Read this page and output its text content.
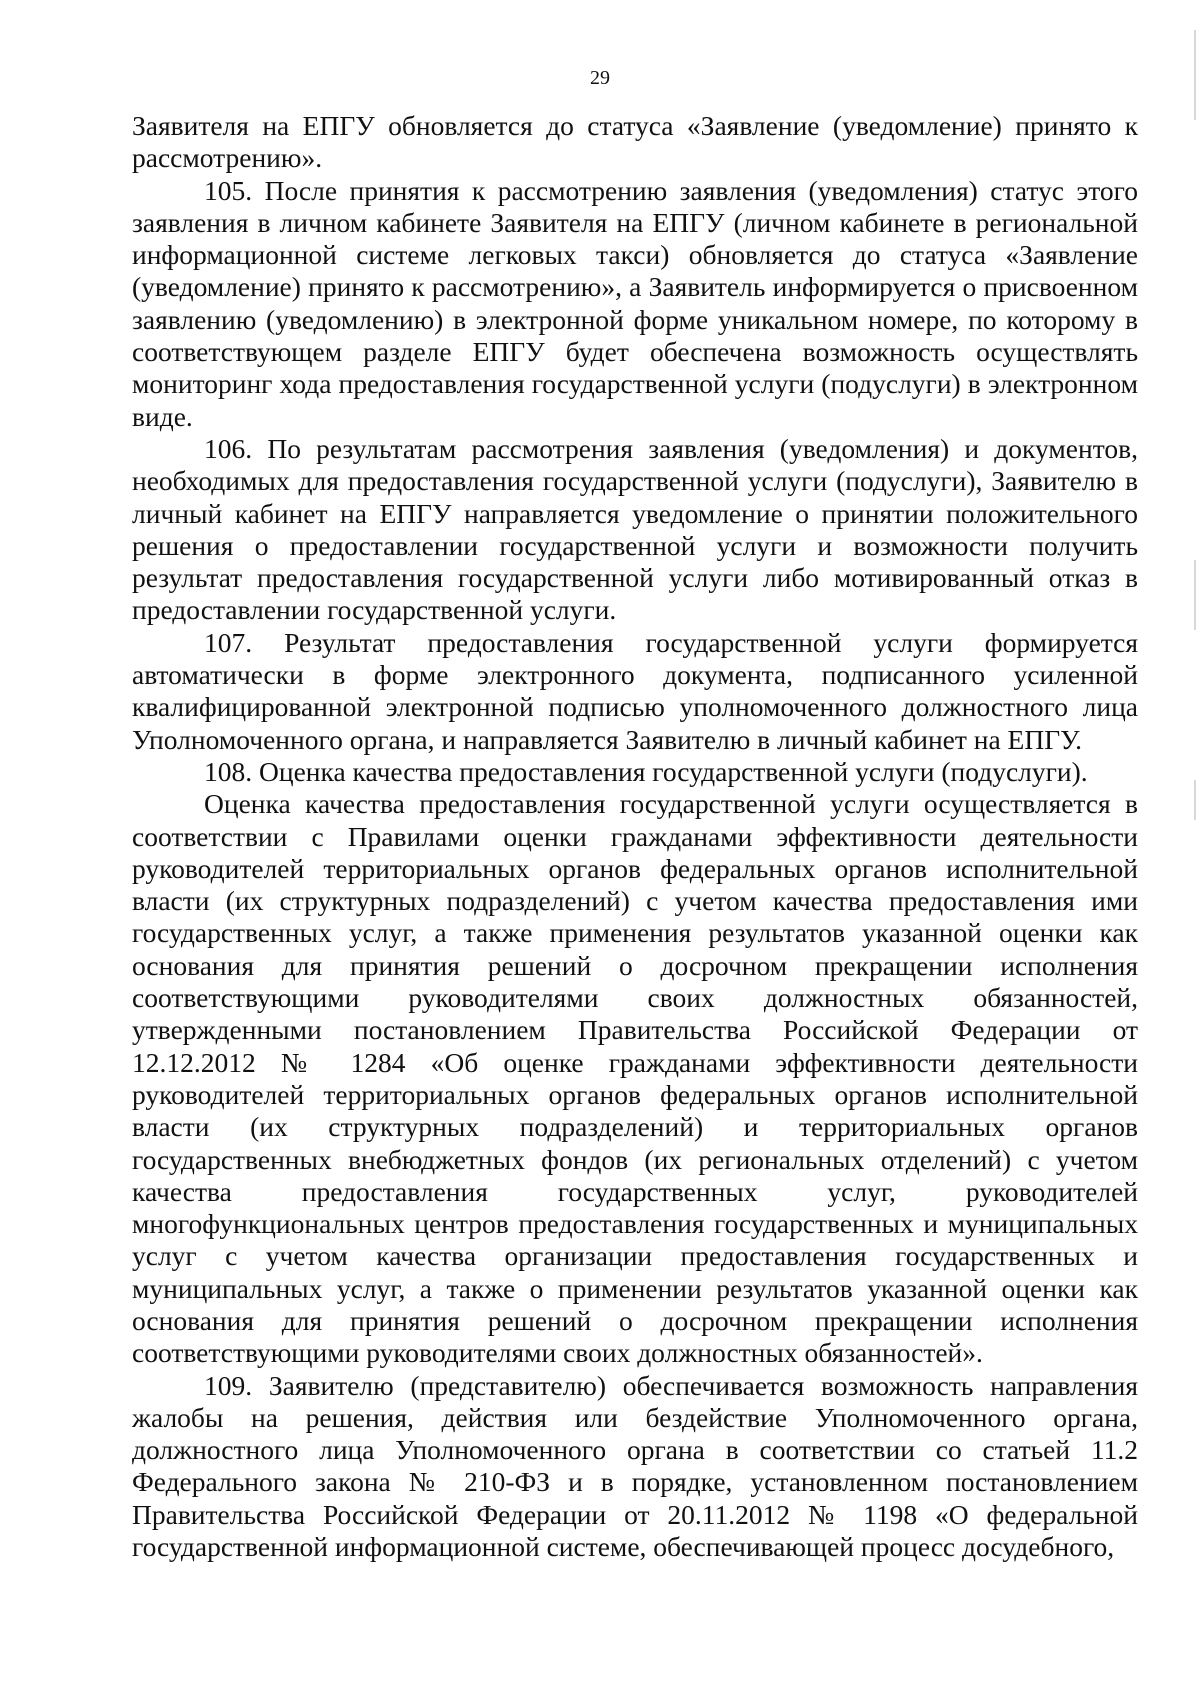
29

Заявителя на ЕПГУ обновляется до статуса «Заявление (уведомление) принято к рассмотрению».

105. После принятия к рассмотрению заявления (уведомления) статус этого заявления в личном кабинете Заявителя на ЕПГУ (личном кабинете в региональной информационной системе легковых такси) обновляется до статуса «Заявление (уведомление) принято к рассмотрению», а Заявитель информируется о присвоенном заявлению (уведомлению) в электронной форме уникальном номере, по которому в соответствующем разделе ЕПГУ будет обеспечена возможность осуществлять мониторинг хода предоставления государственной услуги (подуслуги) в электронном виде.

106. По результатам рассмотрения заявления (уведомления) и документов, необходимых для предоставления государственной услуги (подуслуги), Заявителю в личный кабинет на ЕПГУ направляется уведомление о принятии положительного решения о предоставлении государственной услуги и возможности получить результат предоставления государственной услуги либо мотивированный отказ в предоставлении государственной услуги.

107. Результат предоставления государственной услуги формируется автоматически в форме электронного документа, подписанного усиленной квалифицированной электронной подписью уполномоченного должностного лица Уполномоченного органа, и направляется Заявителю в личный кабинет на ЕПГУ.

108. Оценка качества предоставления государственной услуги (подуслуги).

Оценка качества предоставления государственной услуги осуществляется в соответствии с Правилами оценки гражданами эффективности деятельности руководителей территориальных органов федеральных органов исполнительной власти (их структурных подразделений) с учетом качества предоставления ими государственных услуг, а также применения результатов указанной оценки как основания для принятия решений о досрочном прекращении исполнения соответствующими руководителями своих должностных обязанностей, утвержденными постановлением Правительства Российской Федерации от 12.12.2012 № 1284 «Об оценке гражданами эффективности деятельности руководителей территориальных органов федеральных органов исполнительной власти (их структурных подразделений) и территориальных органов государственных внебюджетных фондов (их региональных отделений) с учетом качества предоставления государственных услуг, руководителей многофункциональных центров предоставления государственных и муниципальных услуг с учетом качества организации предоставления государственных и муниципальных услуг, а также о применении результатов указанной оценки как основания для принятия решений о досрочном прекращении исполнения соответствующими руководителями своих должностных обязанностей».

109. Заявителю (представителю) обеспечивается возможность направления жалобы на решения, действия или бездействие Уполномоченного органа, должностного лица Уполномоченного органа в соответствии со статьей 11.2 Федерального закона № 210-ФЗ и в порядке, установленном постановлением Правительства Российской Федерации от 20.11.2012 № 1198 «О федеральной государственной информационной системе, обеспечивающей процесс досудебного,
